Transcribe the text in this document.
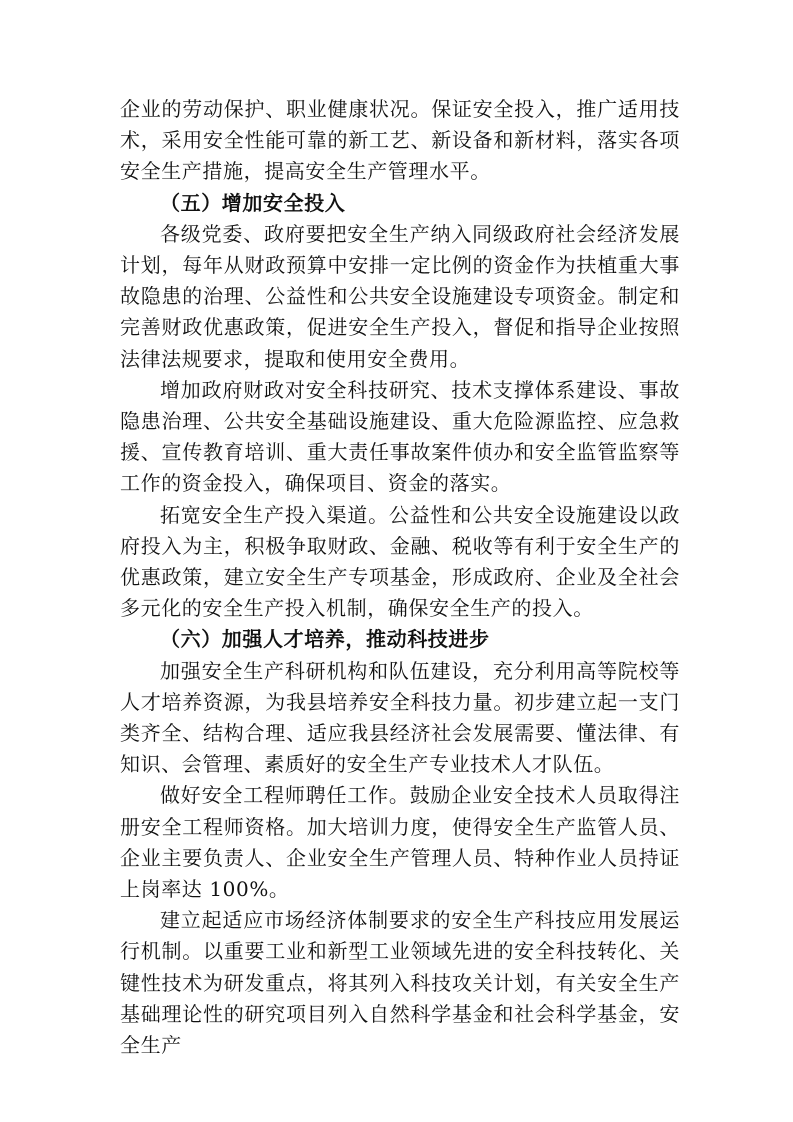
企业的劳动保护、职业健康状况。保证安全投入，推广适用技术，采用安全性能可靠的新工艺、新设备和新材料，落实各项安全生产措施，提高安全生产管理水平。

（五）增加安全投入

各级党委、政府要把安全生产纳入同级政府社会经济发展计划，每年从财政预算中安排一定比例的资金作为扶植重大事故隐患的治理、公益性和公共安全设施建设专项资金。制定和完善财政优惠政策，促进安全生产投入，督促和指导企业按照法律法规要求，提取和使用安全费用。

增加政府财政对安全科技研究、技术支撑体系建设、事故隐患治理、公共安全基础设施建设、重大危险源监控、应急救援、宣传教育培训、重大责任事故案件侦办和安全监管监察等工作的资金投入，确保项目、资金的落实。

拓宽安全生产投入渠道。公益性和公共安全设施建设以政府投入为主，积极争取财政、金融、税收等有利于安全生产的优惠政策，建立安全生产专项基金，形成政府、企业及全社会多元化的安全生产投入机制，确保安全生产的投入。

（六）加强人才培养，推动科技进步

加强安全生产科研机构和队伍建设，充分利用高等院校等人才培养资源，为我县培养安全科技力量。初步建立起一支门类齐全、结构合理、适应我县经济社会发展需要、懂法律、有知识、会管理、素质好的安全生产专业技术人才队伍。

做好安全工程师聘任工作。鼓励企业安全技术人员取得注册安全工程师资格。加大培训力度，使得安全生产监管人员、企业主要负责人、企业安全生产管理人员、特种作业人员持证上岗率达 100%。

建立起适应市场经济体制要求的安全生产科技应用发展运行机制。以重要工业和新型工业领域先进的安全科技转化、关键性技术为研发重点，将其列入科技攻关计划，有关安全生产基础理论性的研究项目列入自然科学基金和社会科学基金，安全生产
